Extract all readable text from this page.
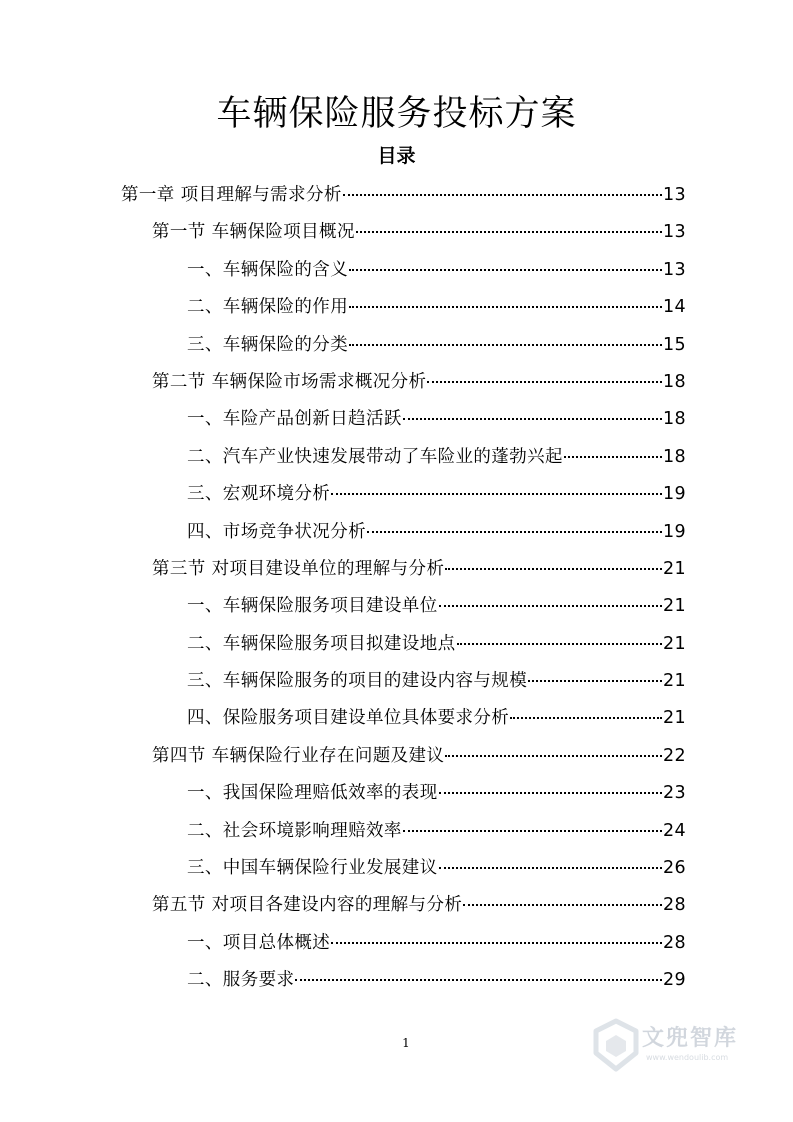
车辆保险服务投标方案
目录
第一章 项目理解与需求分析	13
第一节 车辆保险项目概况	13
一、车辆保险的含义	13
二、车辆保险的作用	14
三、车辆保险的分类	15
第二节 车辆保险市场需求概况分析	18
一、车险产品创新日趋活跃	18
二、汽车产业快速发展带动了车险业的蓬勃兴起	18
三、宏观环境分析	19
四、市场竞争状况分析	19
第三节 对项目建设单位的理解与分析	21
一、车辆保险服务项目建设单位	21
二、车辆保险服务项目拟建设地点	21
三、车辆保险服务的项目的建设内容与规模	21
四、保险服务项目建设单位具体要求分析	21
第四节 车辆保险行业存在问题及建议	22
一、我国保险理赔低效率的表现	23
二、社会环境影响理赔效率	24
三、中国车辆保险行业发展建议	26
第五节 对项目各建设内容的理解与分析	28
一、项目总体概述	28
二、服务要求	29
1	文兜智库
www.wendoulib.com
